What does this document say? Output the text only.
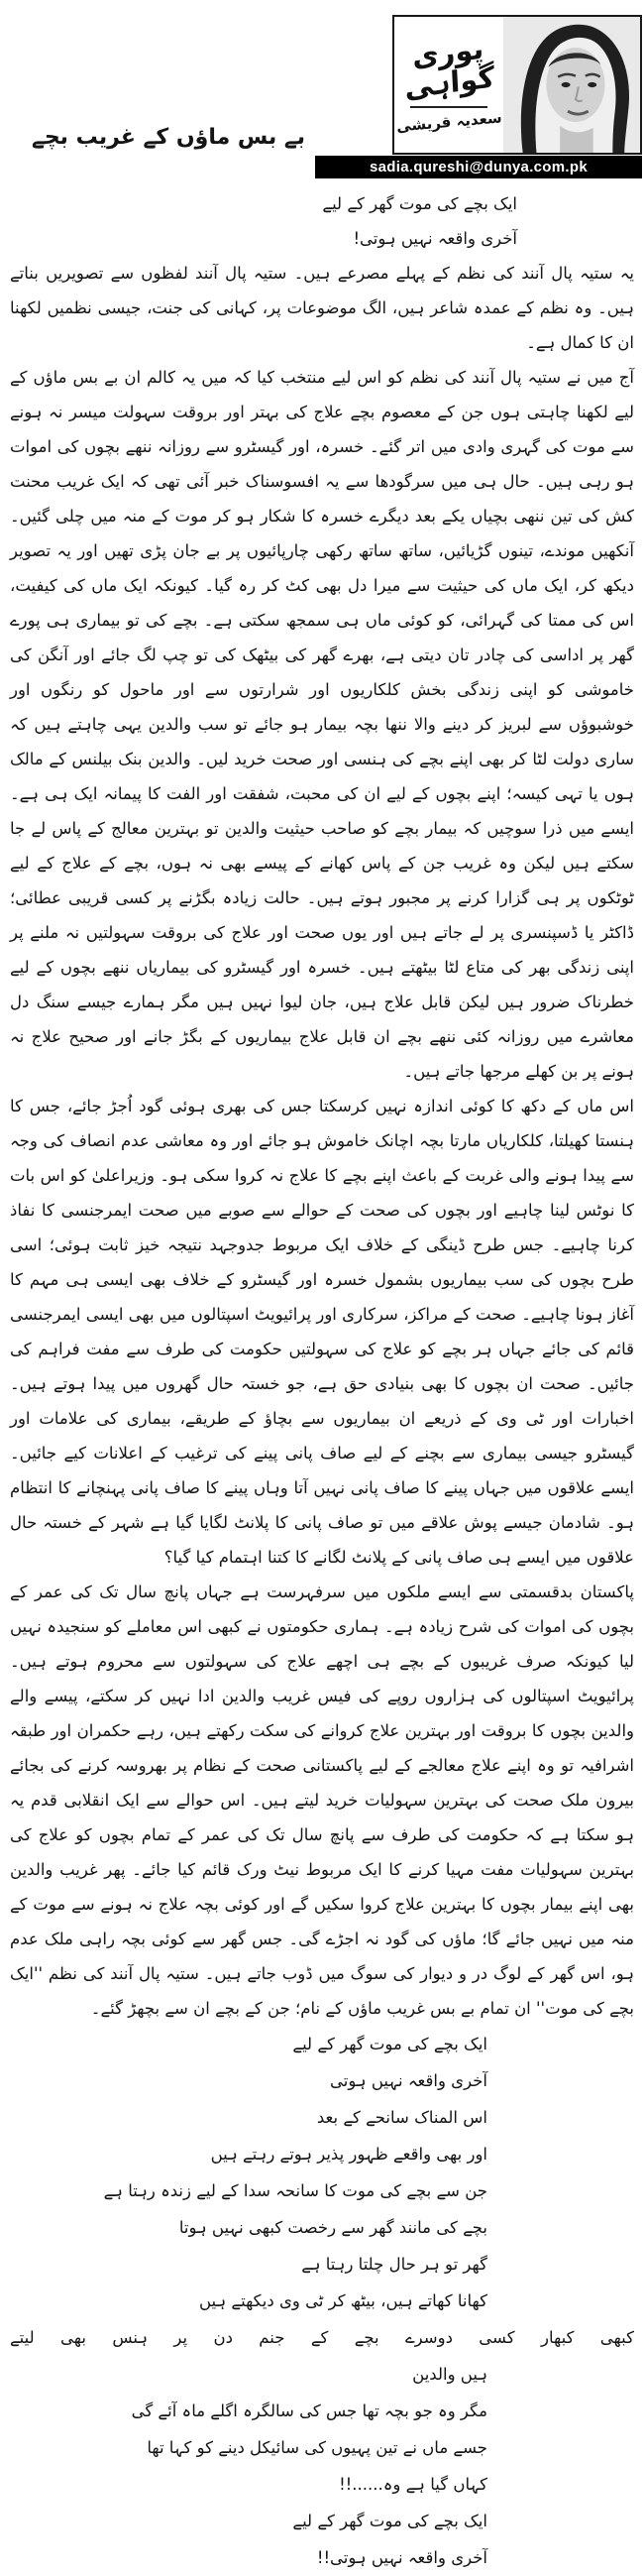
بے بس ماؤں کے غریب بچے
پوری گواہی
سعدیہ قریشی
sadia.qureshi@dunya.com.pk
ایک بچے کی موت گھر کے لیے
آخری واقعہ نہیں ہوتی!

یہ ستیہ پال آنند کی نظم کے پہلے مصرعے ہیں۔ ستیہ پال آنند لفظوں سے تصویریں بناتے ہیں۔ وہ نظم کے عمدہ شاعر ہیں، الگ موضوعات پر، کہانی کی جنت، جیسی نظمیں لکھنا ان کا کمال ہے۔

آج میں نے ستیہ پال آنند کی نظم کو اس لیے منتخب کیا کہ میں یہ کالم ان بے بس ماؤں کے لیے لکھنا چاہتی ہوں جن کے معصوم بچے علاج کی بہتر اور بروقت سہولت میسر نہ ہونے سے موت کی گہری وادی میں اتر گئے۔ خسرہ، اور گیسٹرو سے روزانہ ننھے بچوں کی اموات ہو رہی ہیں۔ حال ہی میں سرگودھا سے یہ افسوسناک خبر آئی تھی کہ ایک غریب محنت کش کی تین ننھی بچیاں یکے بعد دیگرے خسرہ کا شکار ہو کر موت کے منہ میں چلی گئیں۔ آنکھیں موندے، تینوں گڑیائیں، ساتھ ساتھ رکھی چارپائیوں پر بے جان پڑی تھیں اور یہ تصویر دیکھ کر، ایک ماں کی حیثیت سے میرا دل بھی کٹ کر رہ گیا۔ کیونکہ ایک ماں کی کیفیت، اس کی ممتا کی گہرائی، کو کوئی ماں ہی سمجھ سکتی ہے۔ بچے کی تو بیماری ہی پورے گھر پر اداسی کی چادر تان دیتی ہے، بھرے گھر کی بیٹھک کی تو چپ لگ جائے اور آنگن کی خاموشی کو اپنی زندگی بخش کلکاریوں اور شرارتوں سے اور ماحول کو رنگوں اور خوشبوؤں سے لبریز کر دینے والا ننھا بچہ بیمار ہو جائے تو سب والدین یہی چاہتے ہیں کہ ساری دولت لٹا کر بھی اپنے بچے کی ہنسی اور صحت خرید لیں۔ والدین بنک بیلنس کے مالک ہوں یا تہی کیسہ؛ اپنے بچوں کے لیے ان کی محبت، شفقت اور الفت کا پیمانہ ایک ہی ہے۔ ایسے میں ذرا سوچیں کہ بیمار بچے کو صاحب حیثیت والدین تو بہترین معالج کے پاس لے جا سکتے ہیں لیکن وہ غریب جن کے پاس کھانے کے پیسے بھی نہ ہوں، بچے کے علاج کے لیے ٹوٹکوں پر ہی گزارا کرنے پر مجبور ہوتے ہیں۔ حالت زیادہ بگڑنے پر کسی قریبی عطائی؛ ڈاکٹر یا ڈسپنسری پر لے جاتے ہیں اور یوں صحت اور علاج کی بروقت سہولتیں نہ ملنے پر اپنی زندگی بھر کی متاع لٹا بیٹھتے ہیں۔ خسرہ اور گیسٹرو کی بیماریاں ننھے بچوں کے لیے خطرناک ضرور ہیں لیکن قابل علاج ہیں، جان لیوا نہیں ہیں مگر ہمارے جیسے سنگ دل معاشرے میں روزانہ کئی ننھے بچے ان قابل علاج بیماریوں کے بگڑ جانے اور صحیح علاج نہ ہونے پر بن کھلے مرجھا جاتے ہیں۔

اس ماں کے دکھ کا کوئی اندازہ نہیں کرسکتا جس کی بھری ہوئی گود اُجڑ جائے، جس کا ہنستا کھیلتا، کلکاریاں مارتا بچہ اچانک خاموش ہو جائے اور وہ معاشی عدم انصاف کی وجہ سے پیدا ہونے والی غربت کے باعث اپنے بچے کا علاج نہ کروا سکی ہو۔ وزیراعلیٰ کو اس بات کا نوٹس لینا چاہیے اور بچوں کی صحت کے حوالے سے صوبے میں صحت ایمرجنسی کا نفاذ کرنا چاہیے۔ جس طرح ڈینگی کے خلاف ایک مربوط جدوجہد نتیجہ خیز ثابت ہوئی؛ اسی طرح بچوں کی سب بیماریوں بشمول خسرہ اور گیسٹرو کے خلاف بھی ایسی ہی مہم کا آغاز ہونا چاہیے۔ صحت کے مراکز، سرکاری اور پرائیویٹ اسپتالوں میں بھی ایسی ایمرجنسی قائم کی جائے جہاں ہر بچے کو علاج کی سہولتیں حکومت کی طرف سے مفت فراہم کی جائیں۔ صحت ان بچوں کا بھی بنیادی حق ہے، جو خستہ حال گھروں میں پیدا ہوتے ہیں۔ اخبارات اور ٹی وی کے ذریعے ان بیماریوں سے بچاؤ کے طریقے، بیماری کی علامات اور گیسٹرو جیسی بیماری سے بچنے کے لیے صاف پانی پینے کی ترغیب کے اعلانات کیے جائیں۔ ایسے علاقوں میں جہاں پینے کا صاف پانی نہیں آتا وہاں پینے کا صاف پانی پہنچانے کا انتظام ہو۔ شادمان جیسے پوش علاقے میں تو صاف پانی کا پلانٹ لگایا گیا ہے شہر کے خستہ حال علاقوں میں ایسے ہی صاف پانی کے پلانٹ لگانے کا کتنا اہتمام کیا گیا؟

پاکستان بدقسمتی سے ایسے ملکوں میں سرفہرست ہے جہاں پانچ سال تک کی عمر کے بچوں کی اموات کی شرح زیادہ ہے۔ ہماری حکومتوں نے کبھی اس معاملے کو سنجیدہ نہیں لیا کیونکہ صرف غریبوں کے بچے ہی اچھے علاج کی سہولتوں سے محروم ہوتے ہیں۔ پرائیویٹ اسپتالوں کی ہزاروں روپے کی فیس غریب والدین ادا نہیں کر سکتے، پیسے والے والدین بچوں کا بروقت اور بہترین علاج کروانے کی سکت رکھتے ہیں، رہے حکمران اور طبقہ اشرافیہ تو وہ اپنے علاج معالجے کے لیے پاکستانی صحت کے نظام پر بھروسہ کرنے کی بجائے بیرون ملک صحت کی بہترین سہولیات خرید لیتے ہیں۔ اس حوالے سے ایک انقلابی قدم یہ ہو سکتا ہے کہ حکومت کی طرف سے پانچ سال تک کی عمر کے تمام بچوں کو علاج کی بہترین سہولیات مفت مہیا کرنے کا ایک مربوط نیٹ ورک قائم کیا جائے۔ پھر غریب والدین بھی اپنے بیمار بچوں کا بہترین علاج کروا سکیں گے اور کوئی بچہ علاج نہ ہونے سے موت کے منہ میں نہیں جائے گا؛ ماؤں کی گود نہ اجڑے گی۔ جس گھر سے کوئی بچہ راہی ملک عدم ہو، اس گھر کے لوگ در و دیوار کی سوگ میں ڈوب جاتے ہیں۔ ستیہ پال آنند کی نظم ''ایک بچے کی موت'' ان تمام بے بس غریب ماؤں کے نام؛ جن کے بچے ان سے بچھڑ گئے۔

ایک بچے کی موت گھر کے لیے
آخری واقعہ نہیں ہوتی
اس المناک سانحے کے بعد
اور بھی واقعے ظہور پذیر ہوتے رہتے ہیں
جن سے بچے کی موت کا سانحہ سدا کے لیے زندہ رہتا ہے
بچے کی مانند گھر سے رخصت کبھی نہیں ہوتا
گھر تو ہر حال چلتا رہتا ہے
کھانا کھاتے ہیں، بیٹھ کر ٹی وی دیکھتے ہیں
کبھی کبھار کسی دوسرے بچے کے جنم دن پر ہنس بھی لیتے
ہیں والدین
مگر وہ جو بچہ تھا جس کی سالگرہ اگلے ماہ آئے گی
جسے ماں نے تین پہیوں کی سائیکل دینے کو کہا تھا
کہاں گیا ہے وہ......!!
ایک بچے کی موت گھر کے لیے
آخری واقعہ نہیں ہوتی!!
